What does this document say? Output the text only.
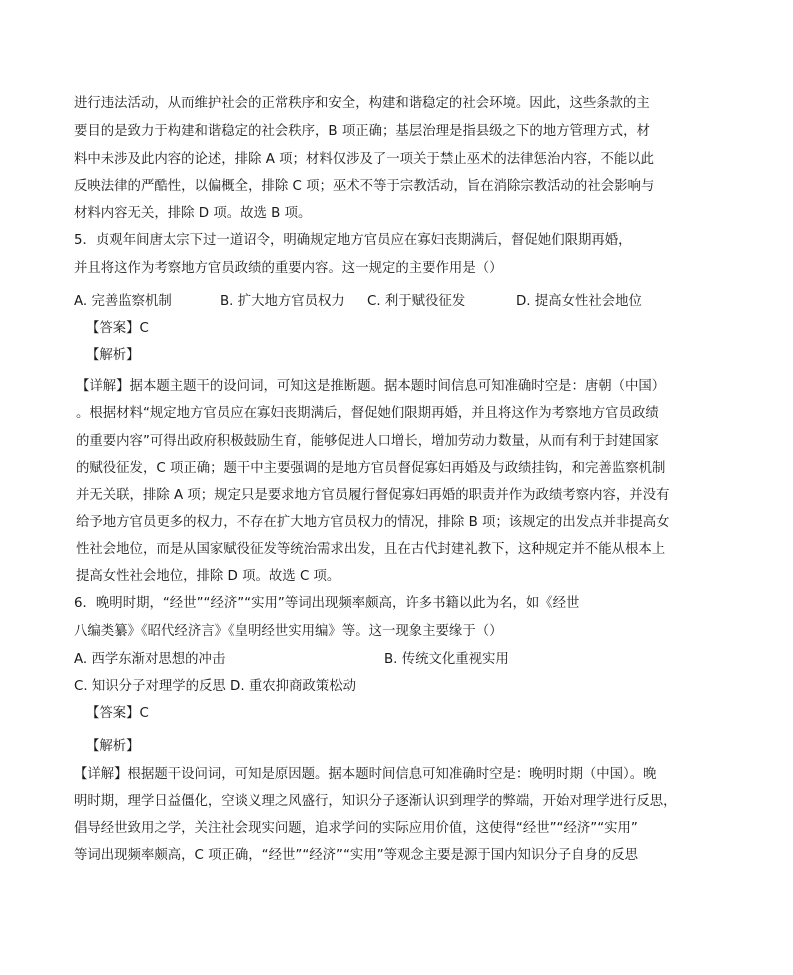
进行违法活动，从而维护社会的正常秩序和安全，构建和谐稳定的社会环境。因此，这些条款的主
要目的是致力于构建和谐稳定的社会秩序，B 项正确；基层治理是指县级之下的地方管理方式，材
料中未涉及此内容的论述，排除 A 项；材料仅涉及了一项关于禁止巫术的法律惩治内容，不能以此
反映法律的严酷性，以偏概全，排除 C 项；巫术不等于宗教活动，旨在消除宗教活动的社会影响与
材料内容无关，排除 D 项。故选 B 项。
5．贞观年间唐太宗下过一道诏令，明确规定地方官员应在寡妇丧期满后，督促她们限期再婚，
并且将这作为考察地方官员政绩的重要内容。这一规定的主要作用是（）
A. 完善监察机制	B. 扩大地方官员权力 C. 利于赋役征发	D. 提高女性社会地位
【答案】C
【解析】
【详解】据本题主题干的设问词，可知这是推断题。据本题时间信息可知准确时空是：唐朝（中国）
。根据材料“规定地方官员应在寡妇丧期满后，督促她们限期再婚，并且将这作为考察地方官员政绩
的重要内容”可得出政府积极鼓励生育，能够促进人口增长，增加劳动力数量，从而有利于封建国家
的赋役征发，C 项正确；题干中主要强调的是地方官员督促寡妇再婚及与政绩挂钩，和完善监察机制
并无关联，排除 A 项；规定只是要求地方官员履行督促寡妇再婚的职责并作为政绩考察内容，并没有
给予地方官员更多的权力，不存在扩大地方官员权力的情况，排除 B 项；该规定的出发点并非提高女
性社会地位，而是从国家赋役征发等统治需求出发，且在古代封建礼教下，这种规定并不能从根本上
提高女性社会地位，排除 D 项。故选 C 项。
6．晚明时期，“经世”“经济”“实用”等词出现频率颇高，许多书籍以此为名，如《经世
八编类纂》《昭代经济言》《皇明经世实用编》等。这一现象主要缘于（）
A. 西学东渐对思想的冲击	B. 传统文化重视实用
C. 知识分子对理学的反思 D. 重农抑商政策松动
【答案】C
【解析】
【详解】根据题干设问词，可知是原因题。据本题时间信息可知准确时空是：晚明时期（中国）。晚
明时期，理学日益僵化，空谈义理之风盛行，知识分子逐渐认识到理学的弊端，开始对理学进行反思，
倡导经世致用之学，关注社会现实问题，追求学问的实际应用价值，这使得“经世”“经济”“实用”
等词出现频率颇高，C 项正确，“经世”“经济”“实用”等观念主要是源于国内知识分子自身的反思
